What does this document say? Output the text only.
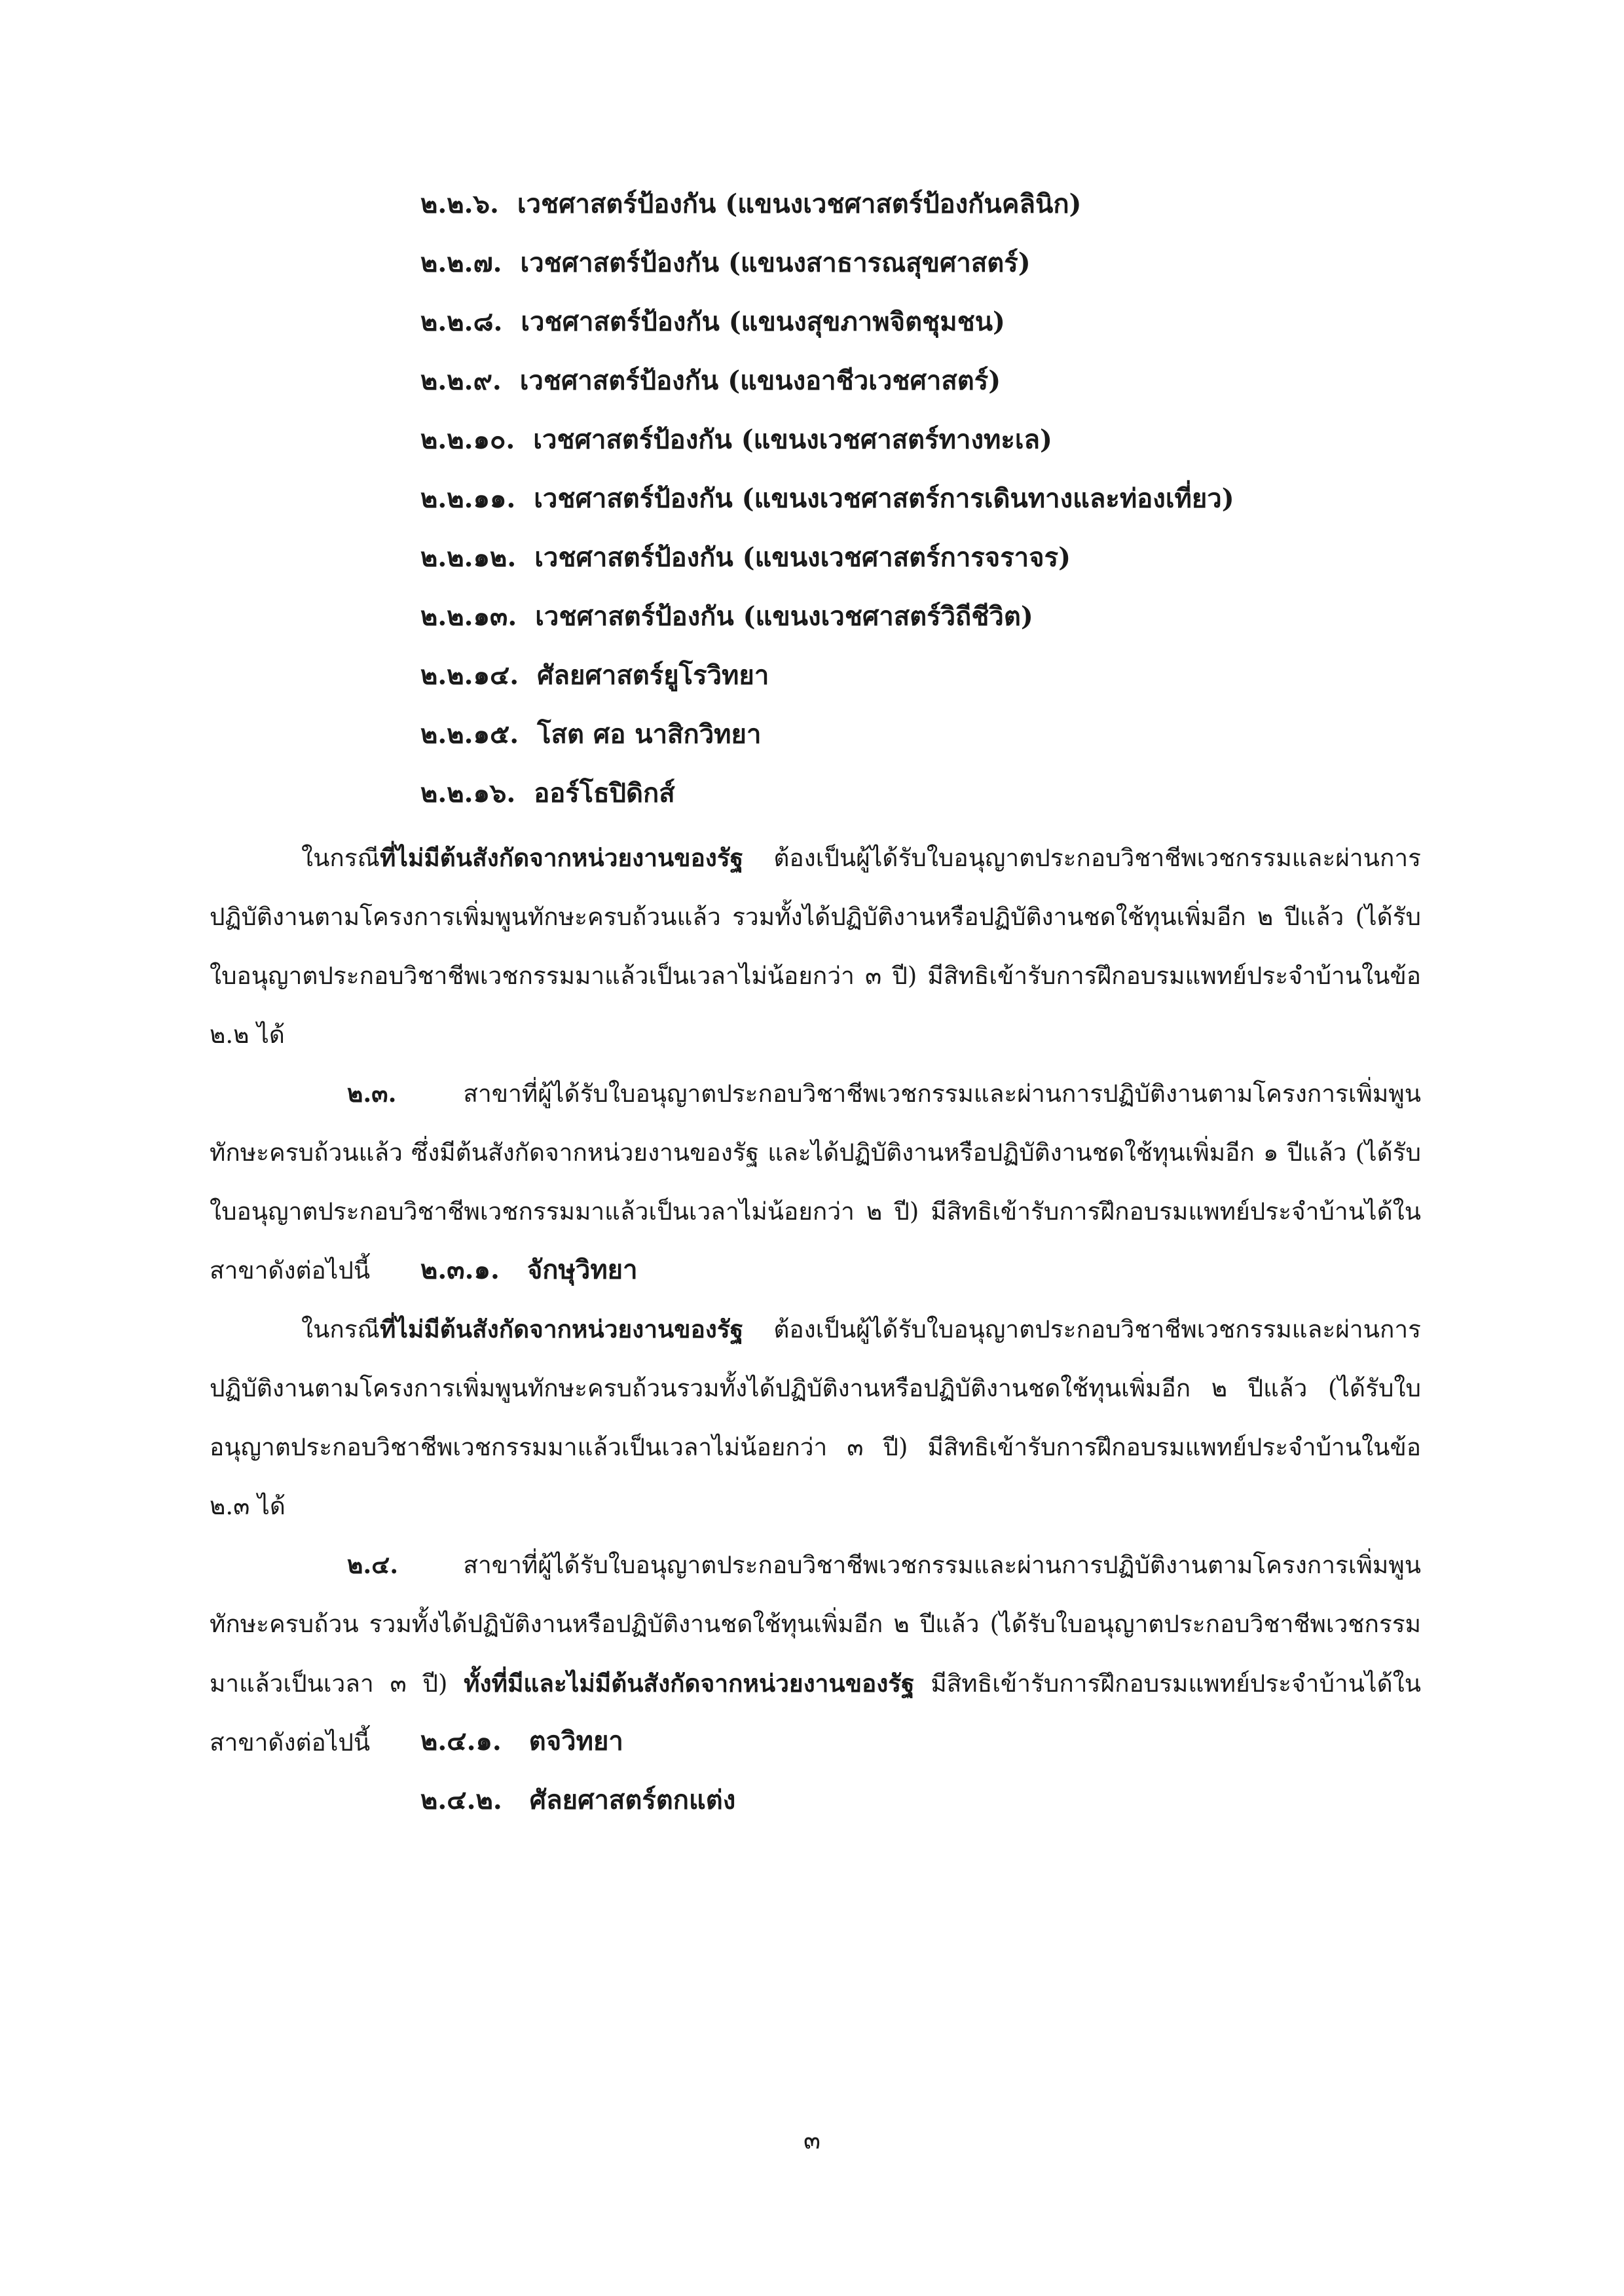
๒.๒.๖. เวชศาสตร์ป้องกัน (แขนงเวชศาสตร์ป้องกันคลินิก)
๒.๒.๗. เวชศาสตร์ป้องกัน (แขนงสาธารณสุขศาสตร์)
๒.๒.๘. เวชศาสตร์ป้องกัน (แขนงสุขภาพจิตชุมชน)
๒.๒.๙. เวชศาสตร์ป้องกัน (แขนงอาชีวเวชศาสตร์)
๒.๒.๑๐. เวชศาสตร์ป้องกัน (แขนงเวชศาสตร์ทางทะเล)
๒.๒.๑๑. เวชศาสตร์ป้องกัน (แขนงเวชศาสตร์การเดินทางและท่องเที่ยว)
๒.๒.๑๒. เวชศาสตร์ป้องกัน (แขนงเวชศาสตร์การจราจร)
๒.๒.๑๓. เวชศาสตร์ป้องกัน (แขนงเวชศาสตร์วิถีชีวิต)
๒.๒.๑๔. ศัลยศาสตร์ยูโรวิทยา
๒.๒.๑๕. โสต ศอ นาสิกวิทยา
๒.๒.๑๖. ออร์โธปิดิกส์

ในกรณีที่ไม่มีต้นสังกัดจากหน่วยงานของรัฐ ต้องเป็นผู้ได้รับใบอนุญาตประกอบวิชาชีพเวชกรรมและผ่านการปฏิบัติงานตามโครงการเพิ่มพูนทักษะครบถ้วนแล้ว รวมทั้งได้ปฏิบัติงานหรือปฏิบัติงานชดใช้ทุนเพิ่มอีก ๒ ปีแล้ว (ได้รับใบอนุญาตประกอบวิชาชีพเวชกรรมมาแล้วเป็นเวลาไม่น้อยกว่า ๓ ปี) มีสิทธิเข้ารับการฝึกอบรมแพทย์ประจำบ้านในข้อ ๒.๒ ได้

๒.๓. สาขาที่ผู้ได้รับใบอนุญาตประกอบวิชาชีพเวชกรรมและผ่านการปฏิบัติงานตามโครงการเพิ่มพูนทักษะครบถ้วนแล้ว ซึ่งมีต้นสังกัดจากหน่วยงานของรัฐ และได้ปฏิบัติงานหรือปฏิบัติงานชดใช้ทุนเพิ่มอีก ๑ ปีแล้ว (ได้รับใบอนุญาตประกอบวิชาชีพเวชกรรมมาแล้วเป็นเวลาไม่น้อยกว่า ๒ ปี) มีสิทธิเข้ารับการฝึกอบรมแพทย์ประจำบ้านได้ในสาขาดังต่อไปนี้	๒.๓.๑. จักษุวิทยา

ในกรณีที่ไม่มีต้นสังกัดจากหน่วยงานของรัฐ ต้องเป็นผู้ได้รับใบอนุญาตประกอบวิชาชีพเวชกรรมและผ่านการปฏิบัติงานตามโครงการเพิ่มพูนทักษะครบถ้วนรวมทั้งได้ปฏิบัติงานหรือปฏิบัติงานชดใช้ทุนเพิ่มอีก ๒ ปีแล้ว (ได้รับใบอนุญาตประกอบวิชาชีพเวชกรรมมาแล้วเป็นเวลาไม่น้อยกว่า ๓ ปี) มีสิทธิเข้ารับการฝึกอบรมแพทย์ประจำบ้านในข้อ ๒.๓ ได้

๒.๔. สาขาที่ผู้ได้รับใบอนุญาตประกอบวิชาชีพเวชกรรมและผ่านการปฏิบัติงานตามโครงการเพิ่มพูนทักษะครบถ้วน รวมทั้งได้ปฏิบัติงานหรือปฏิบัติงานชดใช้ทุนเพิ่มอีก ๒ ปีแล้ว (ได้รับใบอนุญาตประกอบวิชาชีพเวชกรรมมาแล้วเป็นเวลา ๓ ปี) ทั้งที่มีและไม่มีต้นสังกัดจากหน่วยงานของรัฐ มีสิทธิเข้ารับการฝึกอบรมแพทย์ประจำบ้านได้ในสาขาดังต่อไปนี้	๒.๔.๑. ตจวิทยา
๒.๔.๒. ศัลยศาสตร์ตกแต่ง
๓
